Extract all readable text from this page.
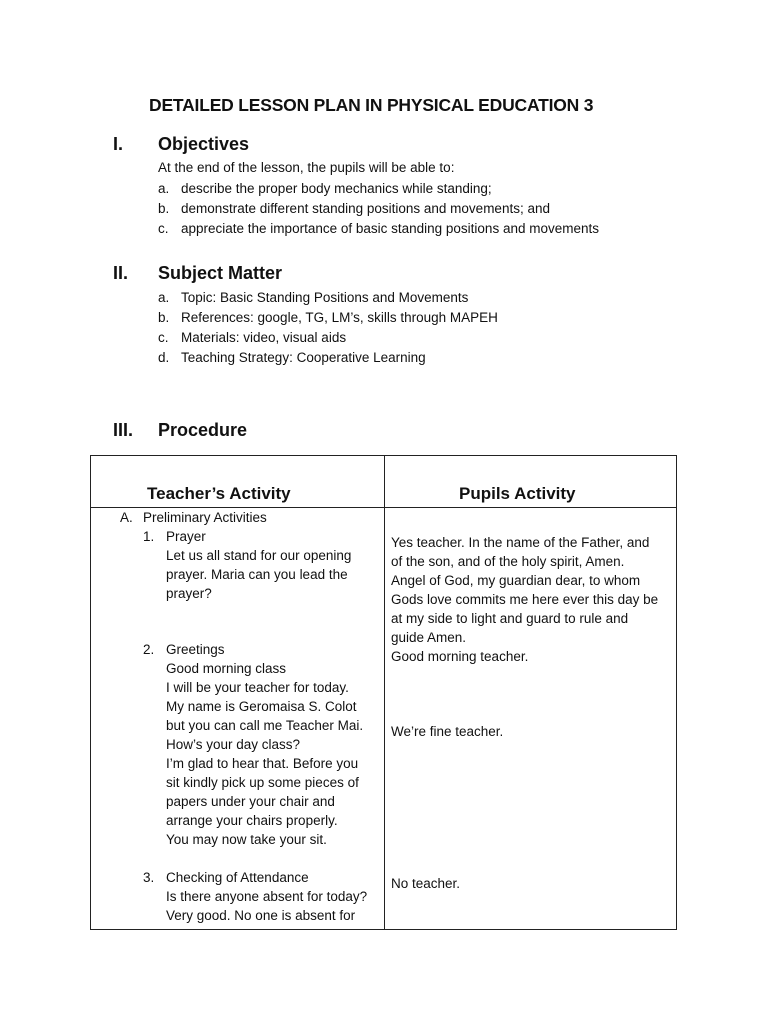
DETAILED LESSON PLAN IN PHYSICAL EDUCATION 3
I. Objectives
At the end of the lesson, the pupils will be able to:
a. describe the proper body mechanics while standing;
b. demonstrate different standing positions and movements; and
c. appreciate the importance of basic standing positions and movements
II. Subject Matter
a. Topic: Basic Standing Positions and Movements
b. References: google, TG, LM’s, skills through MAPEH
c. Materials: video, visual aids
d. Teaching Strategy: Cooperative Learning
III. Procedure
Teacher’s Activity	Pupils Activity
A. Preliminary Activities
1. Prayer
Let us all stand for our opening
prayer. Maria can you lead the
prayer?
2. Greetings
Good morning class
I will be your teacher for today.
My name is Geromaisa S. Colot
but you can call me Teacher Mai.
How’s your day class?
I’m glad to hear that. Before you
sit kindly pick up some pieces of
papers under your chair and
arrange your chairs properly.
You may now take your sit.
3. Checking of Attendance
Is there anyone absent for today?
Very good. No one is absent for
Yes teacher. In the name of the Father, and
of the son, and of the holy spirit, Amen.
Angel of God, my guardian dear, to whom
Gods love commits me here ever this day be
at my side to light and guard to rule and
guide Amen.
Good morning teacher.
We’re fine teacher.
No teacher.
